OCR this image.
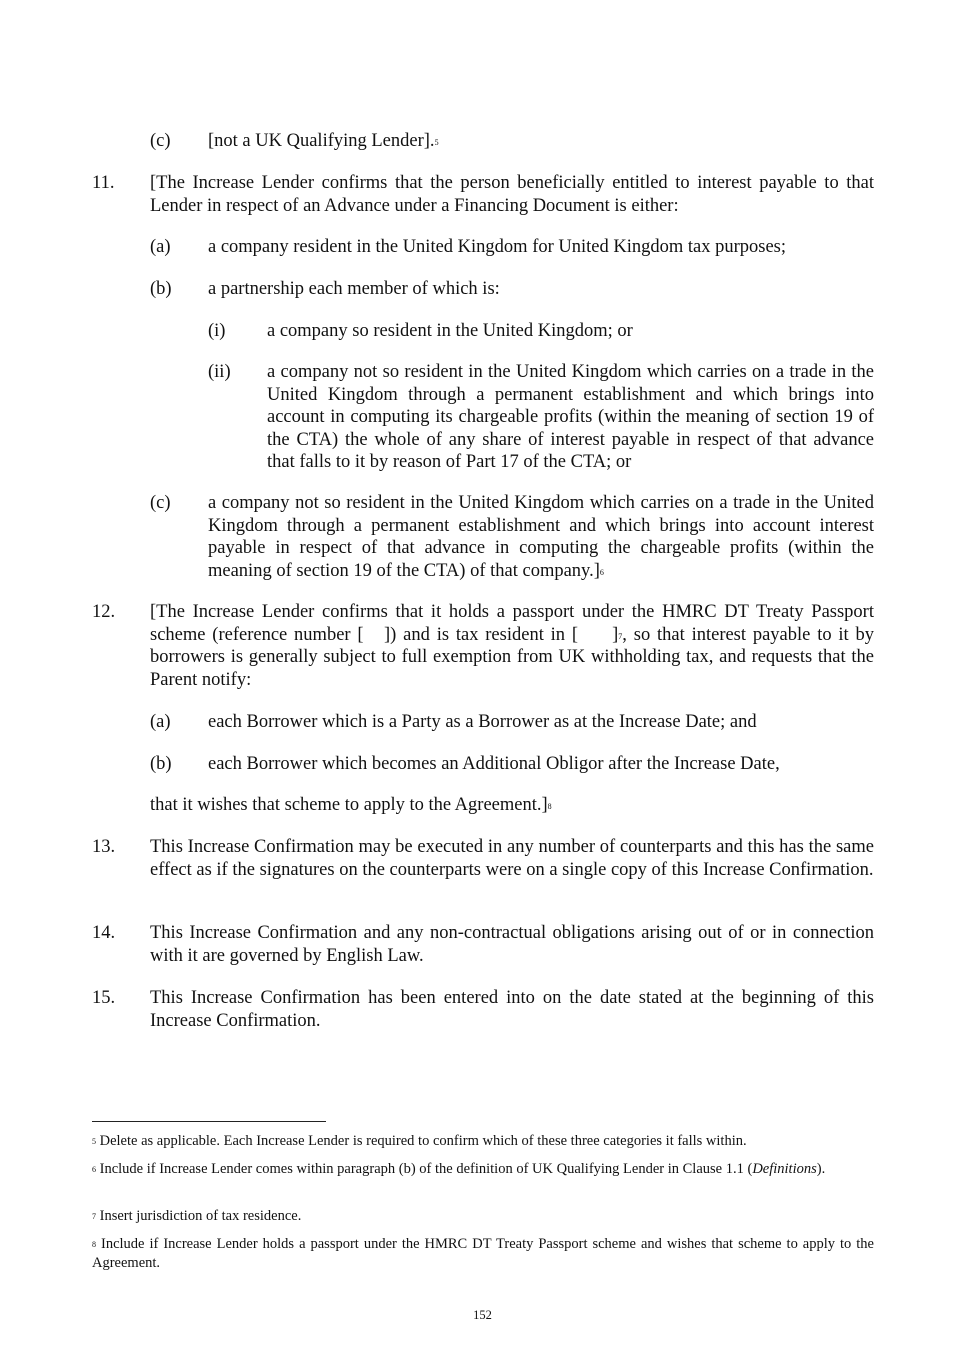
(c) [not a UK Qualifying Lender].$^5$
11. [The Increase Lender confirms that the person beneficially entitled to interest payable to that Lender in respect of an Advance under a Financing Document is either:
(a) a company resident in the United Kingdom for United Kingdom tax purposes;
(b) a partnership each member of which is:
(i) a company so resident in the United Kingdom; or
(ii) a company not so resident in the United Kingdom which carries on a trade in the United Kingdom through a permanent establishment and which brings into account in computing its chargeable profits (within the meaning of section 19 of the CTA) the whole of any share of interest payable in respect of that advance that falls to it by reason of Part 17 of the CTA; or
(c) a company not so resident in the United Kingdom which carries on a trade in the United Kingdom through a permanent establishment and which brings into account interest payable in respect of that advance in computing the chargeable profits (within the meaning of section 19 of the CTA) of that company.]$^6$
12. [The Increase Lender confirms that it holds a passport under the HMRC DT Treaty Passport scheme (reference number [   ]) and is tax resident in [     ]$^7$, so that interest payable to it by borrowers is generally subject to full exemption from UK withholding tax, and requests that the Parent notify:
(a) each Borrower which is a Party as a Borrower as at the Increase Date; and
(b) each Borrower which becomes an Additional Obligor after the Increase Date,
that it wishes that scheme to apply to the Agreement.]$^8$
13. This Increase Confirmation may be executed in any number of counterparts and this has the same effect as if the signatures on the counterparts were on a single copy of this Increase Confirmation.
14. This Increase Confirmation and any non-contractual obligations arising out of or in connection with it are governed by English Law.
15. This Increase Confirmation has been entered into on the date stated at the beginning of this Increase Confirmation.
$^5$ Delete as applicable. Each Increase Lender is required to confirm which of these three categories it falls within.
$^6$ Include if Increase Lender comes within paragraph (b) of the definition of UK Qualifying Lender in Clause 1.1 (Definitions).
$^7$ Insert jurisdiction of tax residence.
$^8$ Include if Increase Lender holds a passport under the HMRC DT Treaty Passport scheme and wishes that scheme to apply to the Agreement.
152
